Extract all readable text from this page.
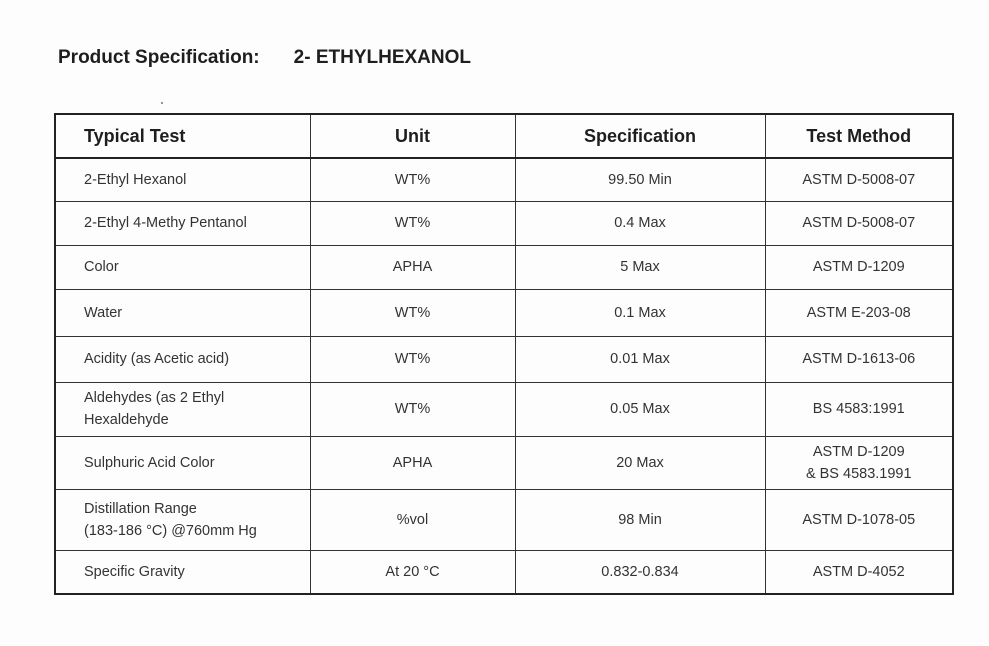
Product Specification: 2- ETHYLHEXANOL
Typical Test	Unit	Specification	Test Method

2-Ethyl Hexanol	WT%	99.50 Min	ASTM D-5008-07

2-Ethyl 4-Methy Pentanol	WT%	0.4 Max	ASTM D-5008-07

Color	APHA	5 Max	ASTM D-1209

Water	WT%	0.1 Max	ASTM E-203-08

Acidity (as Acetic acid)	WT%	0.01 Max	ASTM D-1613-06

Aldehydes (as 2 Ethyl
Hexaldehyde	WT%	0.05 Max	BS 4583:1991

Sulphuric Acid Color	APHA	20 Max	ASTM D-1209
& BS 4583.1991

Distillation Range
(183-186 °C) @760mm Hg	%vol	98 Min	ASTM D-1078-05

Specific Gravity	At 20 °C	0.832-0.834	ASTM D-4052
